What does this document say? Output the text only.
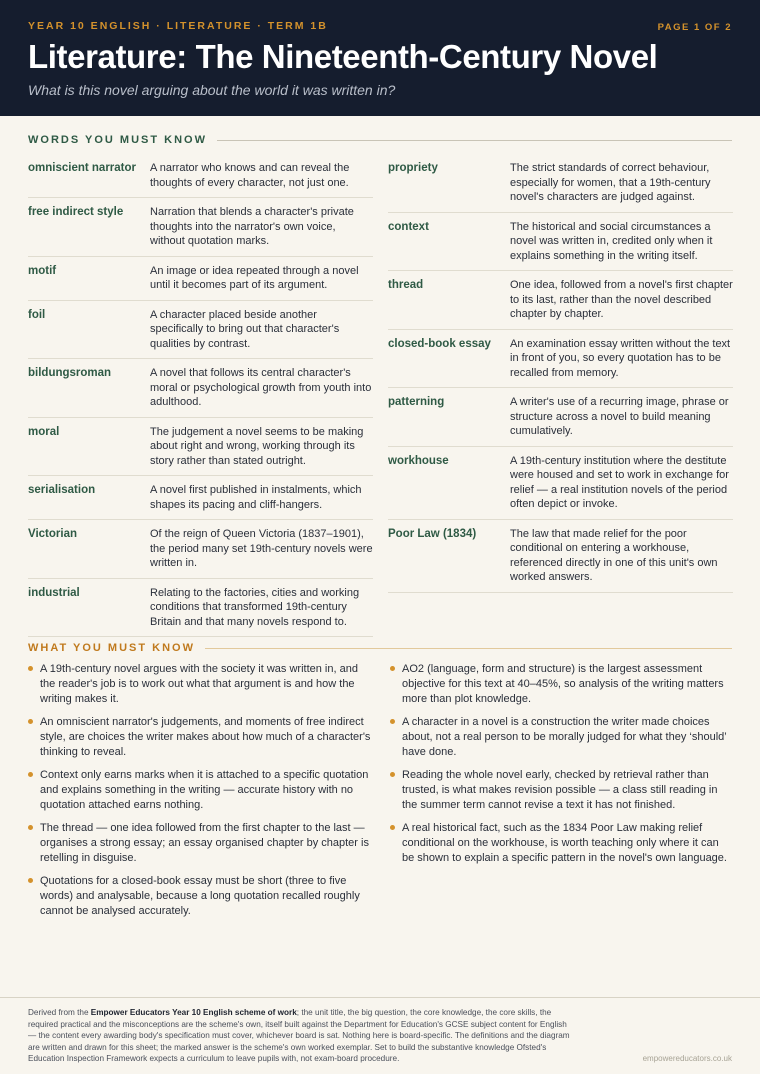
YEAR 10 ENGLISH · LITERATURE · TERM 1B	PAGE 1 OF 2
Literature: The Nineteenth-Century Novel
What is this novel arguing about the world it was written in?
WORDS YOU MUST KNOW
omniscient narrator	A narrator who knows and can reveal the thoughts of every character, not just one.
free indirect style	Narration that blends a character's private thoughts into the narrator's own voice, without quotation marks.
motif	An image or idea repeated through a novel until it becomes part of its argument.
foil	A character placed beside another specifically to bring out that character's qualities by contrast.
bildungsroman	A novel that follows its central character's moral or psychological growth from youth into adulthood.
moral	The judgement a novel seems to be making about right and wrong, working through its story rather than stated outright.
serialisation	A novel first published in instalments, which shapes its pacing and cliff-hangers.
Victorian	Of the reign of Queen Victoria (1837–1901), the period many set 19th-century novels were written in.
industrial	Relating to the factories, cities and working conditions that transformed 19th-century Britain and that many novels respond to.
propriety	The strict standards of correct behaviour, especially for women, that a 19th-century novel's characters are judged against.
context	The historical and social circumstances a novel was written in, credited only when it explains something in the writing itself.
thread	One idea, followed from a novel's first chapter to its last, rather than the novel described chapter by chapter.
closed-book essay	An examination essay written without the text in front of you, so every quotation has to be recalled from memory.
patterning	A writer's use of a recurring image, phrase or structure across a novel to build meaning cumulatively.
workhouse	A 19th-century institution where the destitute were housed and set to work in exchange for relief — a real institution novels of the period often depict or invoke.
Poor Law (1834)	The law that made relief for the poor conditional on entering a workhouse, referenced directly in one of this unit's own worked answers.
WHAT YOU MUST KNOW
A 19th-century novel argues with the society it was written in, and the reader's job is to work out what that argument is and how the writing makes it.
An omniscient narrator's judgements, and moments of free indirect style, are choices the writer makes about how much of a character's thinking to reveal.
Context only earns marks when it is attached to a specific quotation and explains something in the writing — accurate history with no quotation attached earns nothing.
The thread — one idea followed from the first chapter to the last — organises a strong essay; an essay organised chapter by chapter is retelling in disguise.
Quotations for a closed-book essay must be short (three to five words) and analysable, because a long quotation recalled roughly cannot be analysed accurately.
AO2 (language, form and structure) is the largest assessment objective for this text at 40–45%, so analysis of the writing matters more than plot knowledge.
A character in a novel is a construction the writer made choices about, not a real person to be morally judged for what they ‘should’ have done.
Reading the whole novel early, checked by retrieval rather than trusted, is what makes revision possible — a class still reading in the summer term cannot revise a text it has not finished.
A real historical fact, such as the 1834 Poor Law making relief conditional on the workhouse, is worth teaching only where it can be shown to explain a specific pattern in the novel's own language.
Derived from the Empower Educators Year 10 English scheme of work; the unit title, the big question, the core knowledge, the core skills, the required practical and the misconceptions are the scheme's own, itself built against the Department for Education's GCSE subject content for English — the content every awarding body's specification must cover, whichever board is sat. Nothing here is board-specific. The definitions and the diagram are written and drawn for this sheet; the marked answer is the scheme's own worked exemplar. Set to build the substantive knowledge Ofsted's Education Inspection Framework expects a curriculum to leave pupils with, not exam-board procedure.	empowereducators.co.uk
